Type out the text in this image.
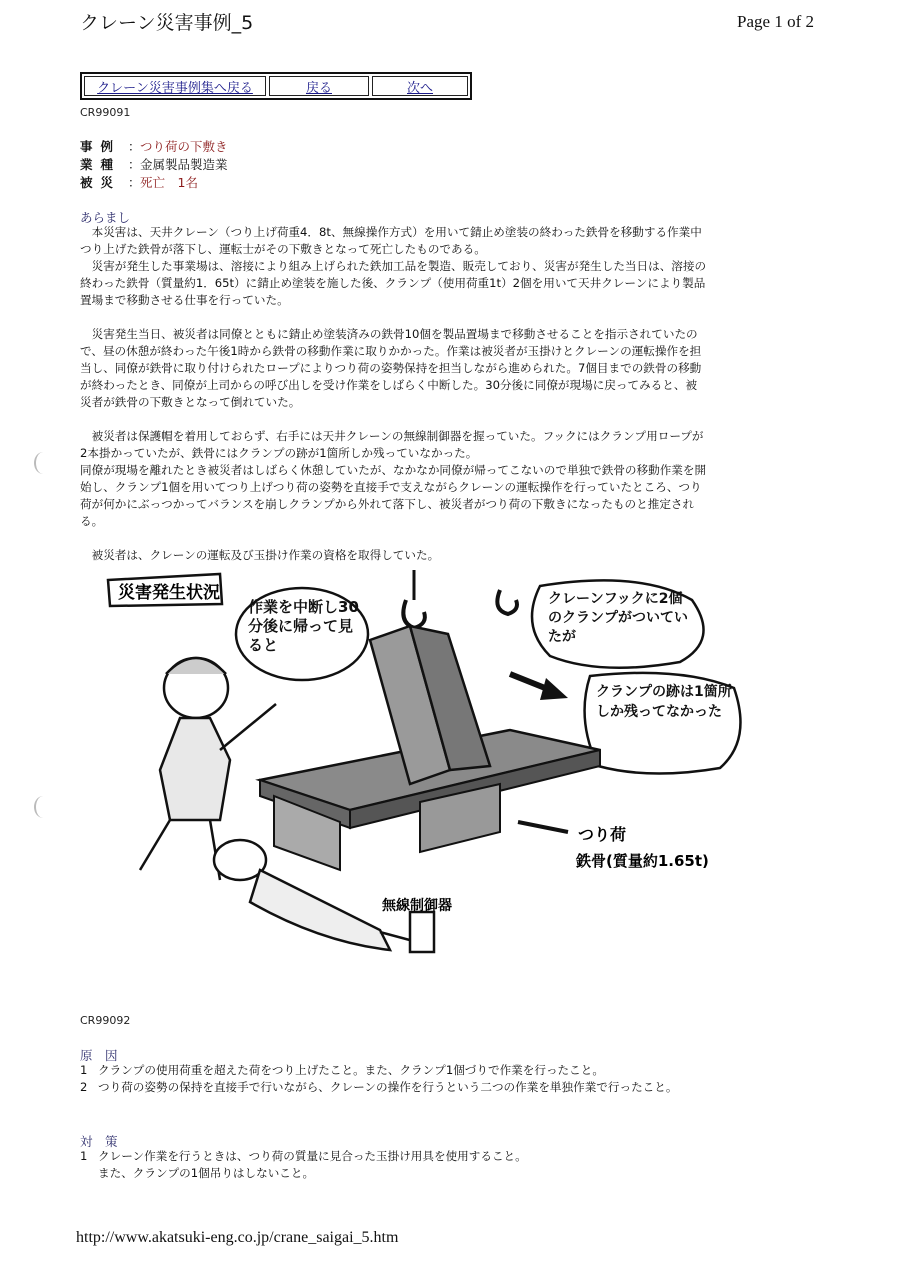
クレーン災害事例_5	Page 1 of 2
クレーン災害事例集へ戻る	戻る	次へ
CR99091
事例 ： つり荷の下敷き
業種 ： 金属製品製造業
被災 ： 死亡　1名
あらまし

本災害は、天井クレーン（つり上げ荷重4．8t、無線操作方式）を用いて錆止め塗装の終わった鉄骨を移動する作業中つり上げた鉄骨が落下し、運転士がその下敷きとなって死亡したものである。

災害が発生した事業場は、溶接により組み上げられた鉄加工品を製造、販売しており、災害が発生した当日は、溶接の終わった鉄骨（質量約1．65t）に錆止め塗装を施した後、クランプ（使用荷重1t）2個を用いて天井クレーンにより製品置場まで移動させる仕事を行っていた。

災害発生当日、被災者は同僚とともに錆止め塗装済みの鉄骨10個を製品置場まで移動させることを指示されていたので、昼の休憩が終わった午後1時から鉄骨の移動作業に取りかかった。作業は被災者が玉掛けとクレーンの運転操作を担当し、同僚が鉄骨に取り付けられたロープによりつり荷の姿勢保持を担当しながら進められた。7個目までの鉄骨の移動が終わったとき、同僚が上司からの呼び出しを受け作業をしばらく中断した。30分後に同僚が現場に戻ってみると、被災者が鉄骨の下敷きとなって倒れていた。

被災者は保護帽を着用しておらず、右手には天井クレーンの無線制御器を握っていた。フックにはクランプ用ロープが2本掛かっていたが、鉄骨にはクランプの跡が1箇所しか残っていなかった。

同僚が現場を離れたとき被災者はしばらく休憩していたが、なかなか同僚が帰ってこないので単独で鉄骨の移動作業を開始し、クランプ1個を用いてつり上げつり荷の姿勢を直接手で支えながらクレーンの運転操作を行っていたところ、つり荷が何かにぶっつかってバランスを崩しクランプから外れて落下し、被災者がつり荷の下敷きになったものと推定される。

被災者は、クレーンの運転及び玉掛け作業の資格を取得していた。

災害発生状況
作業を中断し30分後に帰って見ると
クレーンフックに2個のクランプがついていたが
クランプの跡は1箇所しか残ってなかった
無線制御器
つり荷
鉄骨(質量約1.65t)
CR99092
原　因
1 クランプの使用荷重を超えた荷をつり上げたこと。また、クランプ1個づりで作業を行ったこと。
2 つり荷の姿勢の保持を直接手で行いながら、クレーンの操作を行うという二つの作業を単独作業で行ったこと。
対　策
1 クレーン作業を行うときは、つり荷の質量に見合った玉掛け用具を使用すること。
また、クランプの1個吊りはしないこと。
http://www.akatsuki-eng.co.jp/crane_saigai_5.htm
